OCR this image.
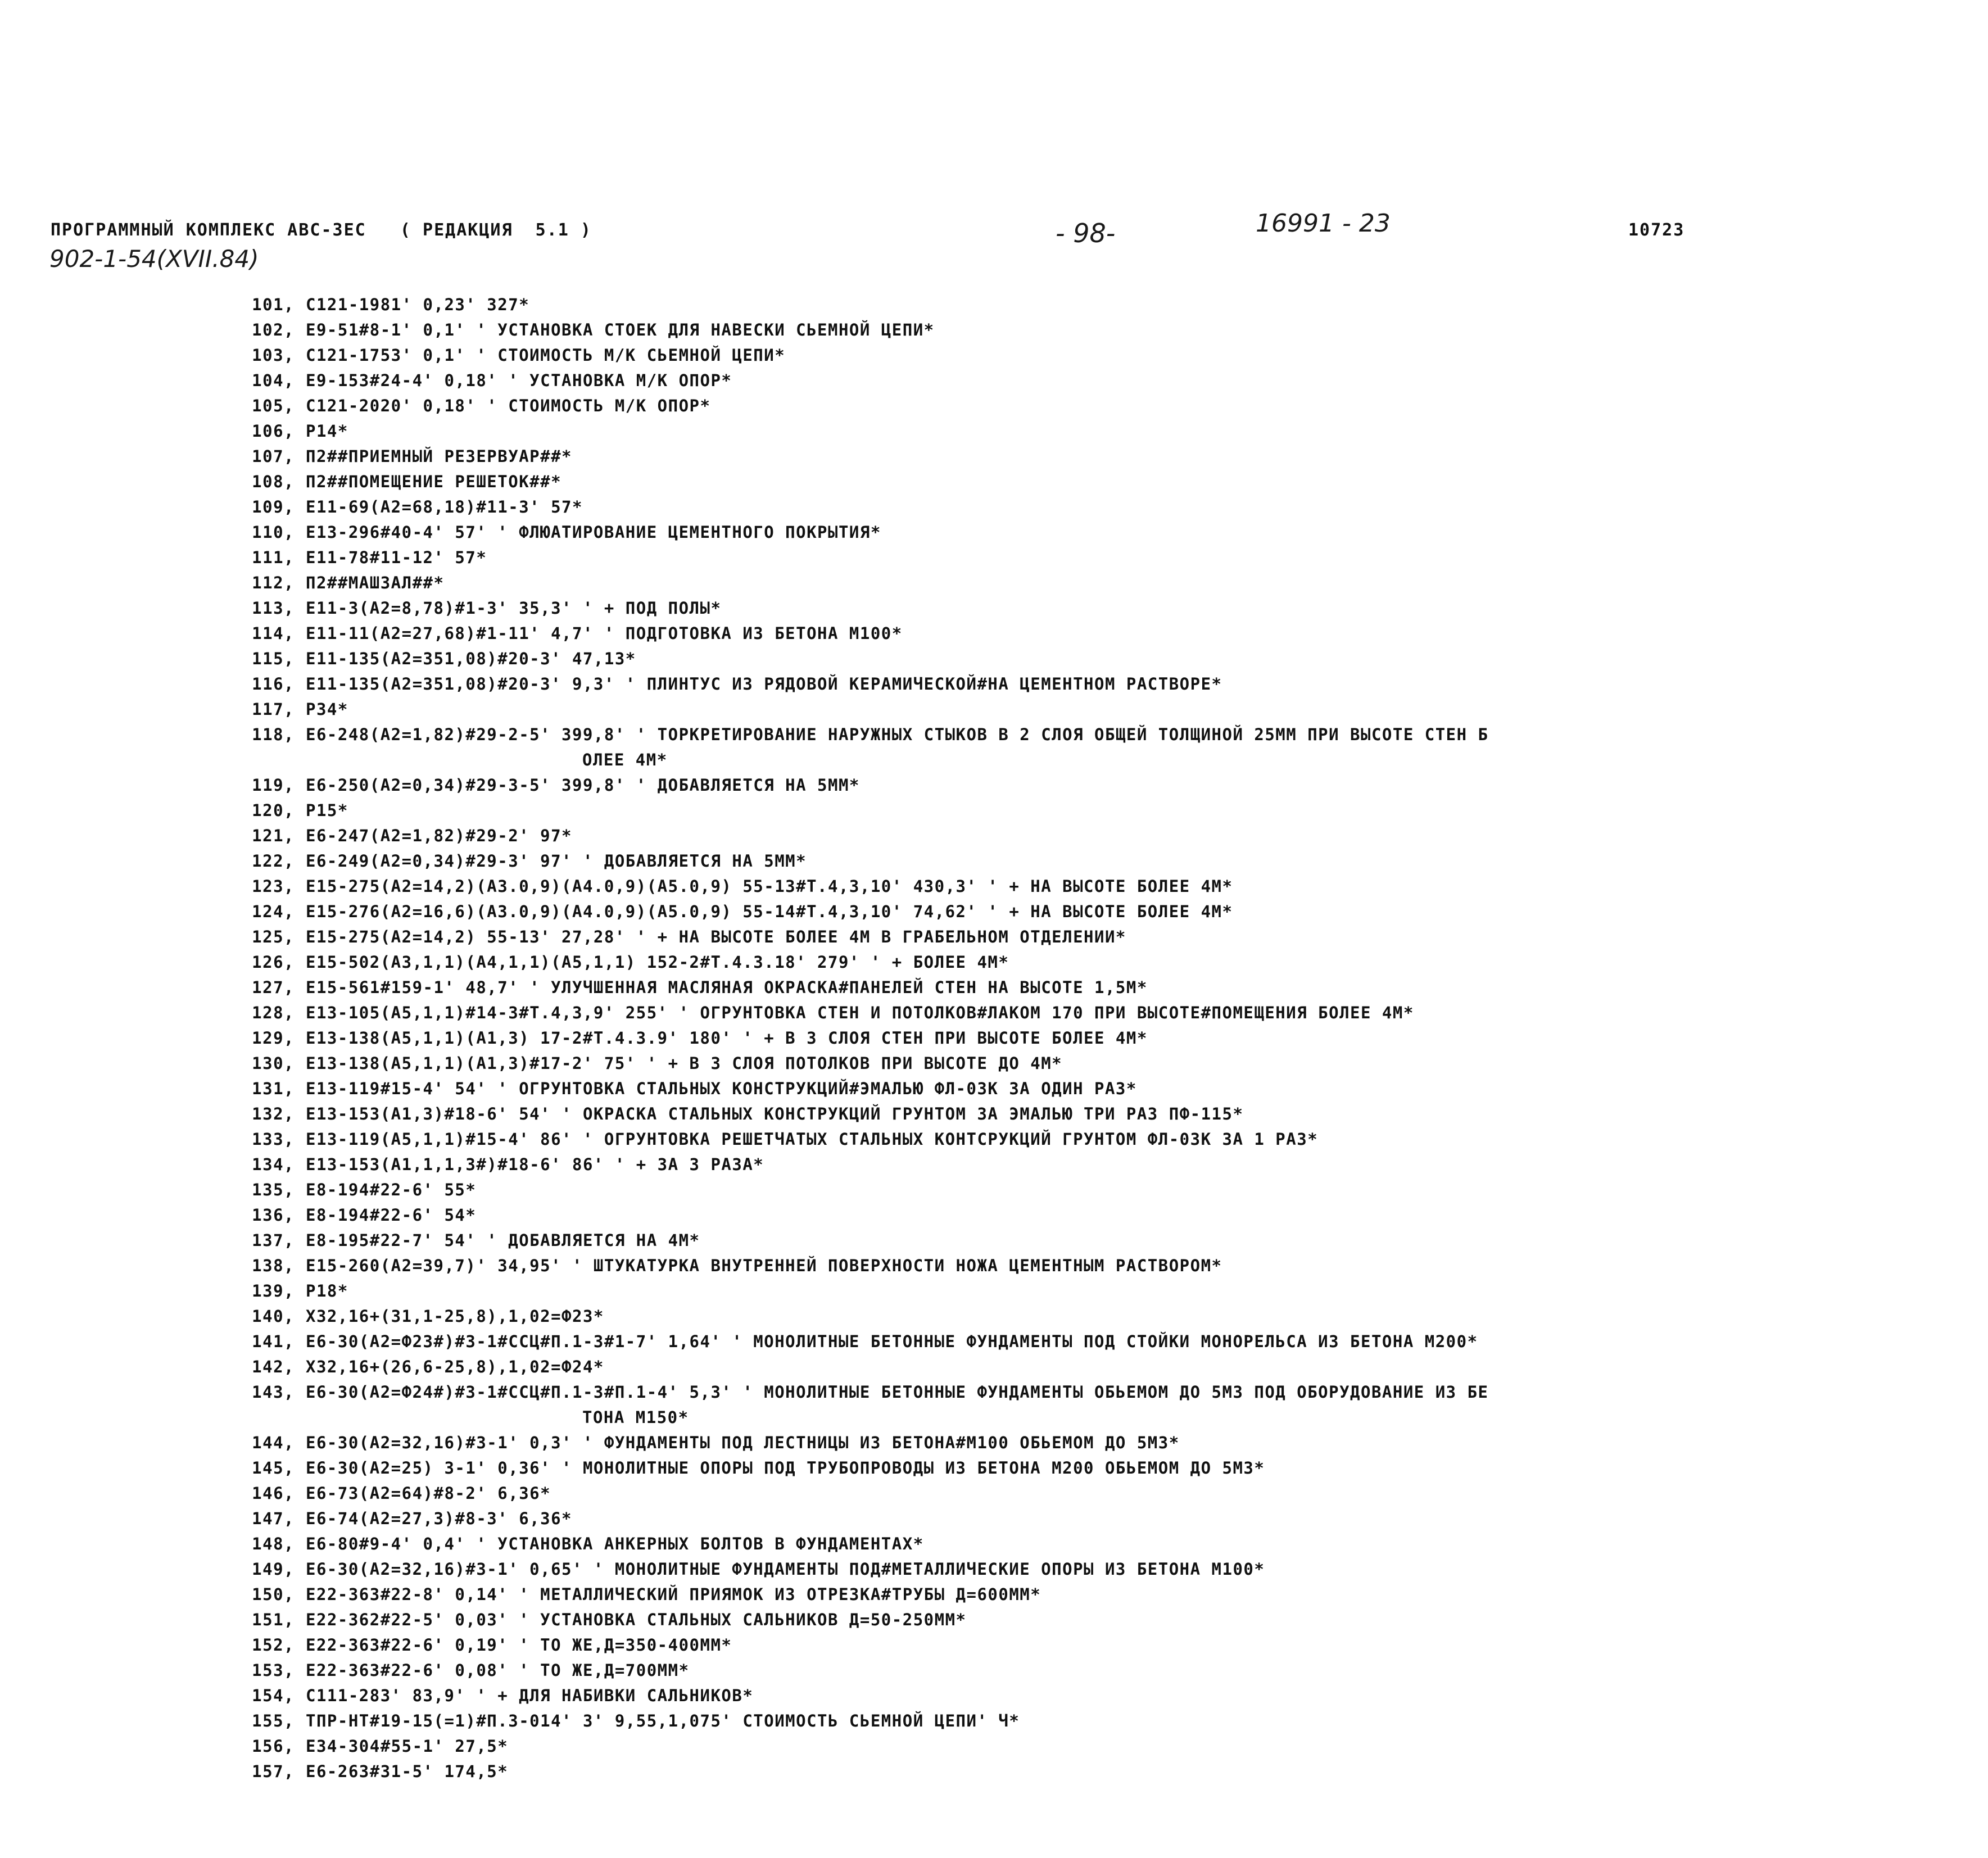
ПРОГРАММНЫЙ КОМПЛЕКС АВС-ЗЕС   ( РЕДАКЦИЯ  5.1 )	- 98-	16991 - 23	10723
902-1-54(XVII.84)
101, C121-1981' 0,23' 327*
102, E9-51#8-1' 0,1' ' УСТАНОВКА СТОЕК ДЛЯ НАВЕСКИ СЬЕМНОЙ ЦЕПИ*
103, C121-1753' 0,1' ' СТОИМОСТЬ М/К СЬЕМНОЙ ЦЕПИ*
104, E9-153#24-4' 0,18' ' УСТАНОВКА М/К ОПОР*
105, C121-2020' 0,18' ' СТОИМОСТЬ М/К ОПОР*
106, P14*
107, П2##ПРИЕМНЫЙ РЕЗЕРВУАР##*
108, П2##ПОМЕЩЕНИЕ РЕШЕТОК##*
109, E11-69(A2=68,18)#11-3' 57*
110, E13-296#40-4' 57' ' ФЛЮАТИРОВАНИЕ ЦЕМЕНТНОГО ПОКРЫТИЯ*
111, E11-78#11-12' 57*
112, П2##МАШЗАЛ##*
113, E11-3(A2=8,78)#1-3' 35,3' ' + ПОД ПОЛЫ*
114, E11-11(A2=27,68)#1-11' 4,7' ' ПОДГОТОВКА ИЗ БЕТОНА М100*
115, E11-135(A2=351,08)#20-3' 47,13*
116, E11-135(A2=351,08)#20-3' 9,3' ' ПЛИНТУС ИЗ РЯДОВОЙ КЕРАМИЧЕСКОЙ#НА ЦЕМЕНТНОМ РАСТВОРЕ*
117, P34*
118, E6-248(A2=1,82)#29-2-5' 399,8' ' ТОРКРЕТИРОВАНИЕ НАРУЖНЫХ СТЫКОВ В 2 СЛОЯ ОБЩЕЙ ТОЛЩИНОЙ 25ММ ПРИ ВЫСОТЕ СТЕН Б
ОЛЕЕ 4М*
119, E6-250(A2=0,34)#29-3-5' 399,8' ' ДОБАВЛЯЕТСЯ НА 5ММ*
120, P15*
121, E6-247(A2=1,82)#29-2' 97*
122, E6-249(A2=0,34)#29-3' 97' ' ДОБАВЛЯЕТСЯ НА 5ММ*
123, E15-275(A2=14,2)(A3.0,9)(A4.0,9)(A5.0,9) 55-13#T.4,3,10' 430,3' ' + НА ВЫСОТЕ БОЛЕЕ 4М*
124, E15-276(A2=16,6)(A3.0,9)(A4.0,9)(A5.0,9) 55-14#T.4,3,10' 74,62' ' + НА ВЫСОТЕ БОЛЕЕ 4М*
125, E15-275(A2=14,2) 55-13' 27,28' ' + НА ВЫСОТЕ БОЛЕЕ 4М В ГРАБЕЛЬНОМ ОТДЕЛЕНИИ*
126, E15-502(A3,1,1)(A4,1,1)(A5,1,1) 152-2#T.4.3.18' 279' ' + БОЛЕЕ 4М*
127, E15-561#159-1' 48,7' ' УЛУЧШЕННАЯ МАСЛЯНАЯ ОКРАСКА#ПАНЕЛЕЙ СТЕН НА ВЫСОТЕ 1,5М*
128, E13-105(A5,1,1)#14-3#T.4,3,9' 255' ' ОГРУНТОВКА СТЕН И ПОТОЛКОВ#ЛАКОМ 170 ПРИ ВЫСОТЕ#ПОМЕЩЕНИЯ БОЛЕЕ 4М*
129, E13-138(A5,1,1)(A1,3) 17-2#T.4.3.9' 180' ' + В 3 СЛОЯ СТЕН ПРИ ВЫСОТЕ БОЛЕЕ 4М*
130, E13-138(A5,1,1)(A1,3)#17-2' 75' ' + В 3 СЛОЯ ПОТОЛКОВ ПРИ ВЫСОТЕ ДО 4М*
131, E13-119#15-4' 54' ' ОГРУНТОВКА СТАЛЬНЫХ КОНСТРУКЦИЙ#ЭМАЛЬЮ ФЛ-03К ЗА ОДИН РАЗ*
132, E13-153(A1,3)#18-6' 54' ' ОКРАСКА СТАЛЬНЫХ КОНСТРУКЦИЙ ГРУНТОМ ЗА ЭМАЛЬЮ ТРИ РАЗ ПФ-115*
133, E13-119(A5,1,1)#15-4' 86' ' ОГРУНТОВКА РЕШЕТЧАТЫХ СТАЛЬНЫХ КОНТСРУКЦИЙ ГРУНТОМ ФЛ-03К ЗА 1 РАЗ*
134, E13-153(A1,1,1,3#)#18-6' 86' ' + ЗА 3 РАЗА*
135, E8-194#22-6' 55*
136, E8-194#22-6' 54*
137, E8-195#22-7' 54' ' ДОБАВЛЯЕТСЯ НА 4М*
138, E15-260(A2=39,7)' 34,95' ' ШТУКАТУРКА ВНУТРЕННЕЙ ПОВЕРХНОСТИ НОЖА ЦЕМЕНТНЫМ РАСТВОРОМ*
139, P18*
140, X32,16+(31,1-25,8),1,02=Ф23*
141, E6-30(A2=Ф23#)#3-1#ССЦ#П.1-3#1-7' 1,64' ' МОНОЛИТНЫЕ БЕТОННЫЕ ФУНДАМЕНТЫ ПОД СТОЙКИ МОНОРЕЛЬСА ИЗ БЕТОНА М200*
142, X32,16+(26,6-25,8),1,02=Ф24*
143, E6-30(A2=Ф24#)#3-1#ССЦ#П.1-3#П.1-4' 5,3' ' МОНОЛИТНЫЕ БЕТОННЫЕ ФУНДАМЕНТЫ ОБЬЕМОМ ДО 5М3 ПОД ОБОРУДОВАНИЕ ИЗ БЕ
ТОНА М150*
144, E6-30(A2=32,16)#3-1' 0,3' ' ФУНДАМЕНТЫ ПОД ЛЕСТНИЦЫ ИЗ БЕТОНА#М100 ОБЬЕМОМ ДО 5М3*
145, E6-30(A2=25) 3-1' 0,36' ' МОНОЛИТНЫЕ ОПОРЫ ПОД ТРУБОПРОВОДЫ ИЗ БЕТОНА М200 ОБЬЕМОМ ДО 5М3*
146, E6-73(A2=64)#8-2' 6,36*
147, E6-74(A2=27,3)#8-3' 6,36*
148, E6-80#9-4' 0,4' ' УСТАНОВКА АНКЕРНЫХ БОЛТОВ В ФУНДАМЕНТАХ*
149, E6-30(A2=32,16)#3-1' 0,65' ' МОНОЛИТНЫЕ ФУНДАМЕНТЫ ПОД#МЕТАЛЛИЧЕСКИЕ ОПОРЫ ИЗ БЕТОНА М100*
150, E22-363#22-8' 0,14' ' МЕТАЛЛИЧЕСКИЙ ПРИЯМОК ИЗ ОТРЕЗКА#ТРУБЫ Д=600ММ*
151, E22-362#22-5' 0,03' ' УСТАНОВКА СТАЛЬНЫХ САЛЬНИКОВ Д=50-250ММ*
152, E22-363#22-6' 0,19' ' ТО ЖЕ,Д=350-400ММ*
153, E22-363#22-6' 0,08' ' ТО ЖЕ,Д=700ММ*
154, C111-283' 83,9' ' + ДЛЯ НАБИВКИ САЛЬНИКОВ*
155, ТПР-НТ#19-15(=1)#П.3-014' 3' 9,55,1,075' СТОИМОСТЬ СЬЕМНОЙ ЦЕПИ' Ч*
156, E34-304#55-1' 27,5*
157, E6-263#31-5' 174,5*
